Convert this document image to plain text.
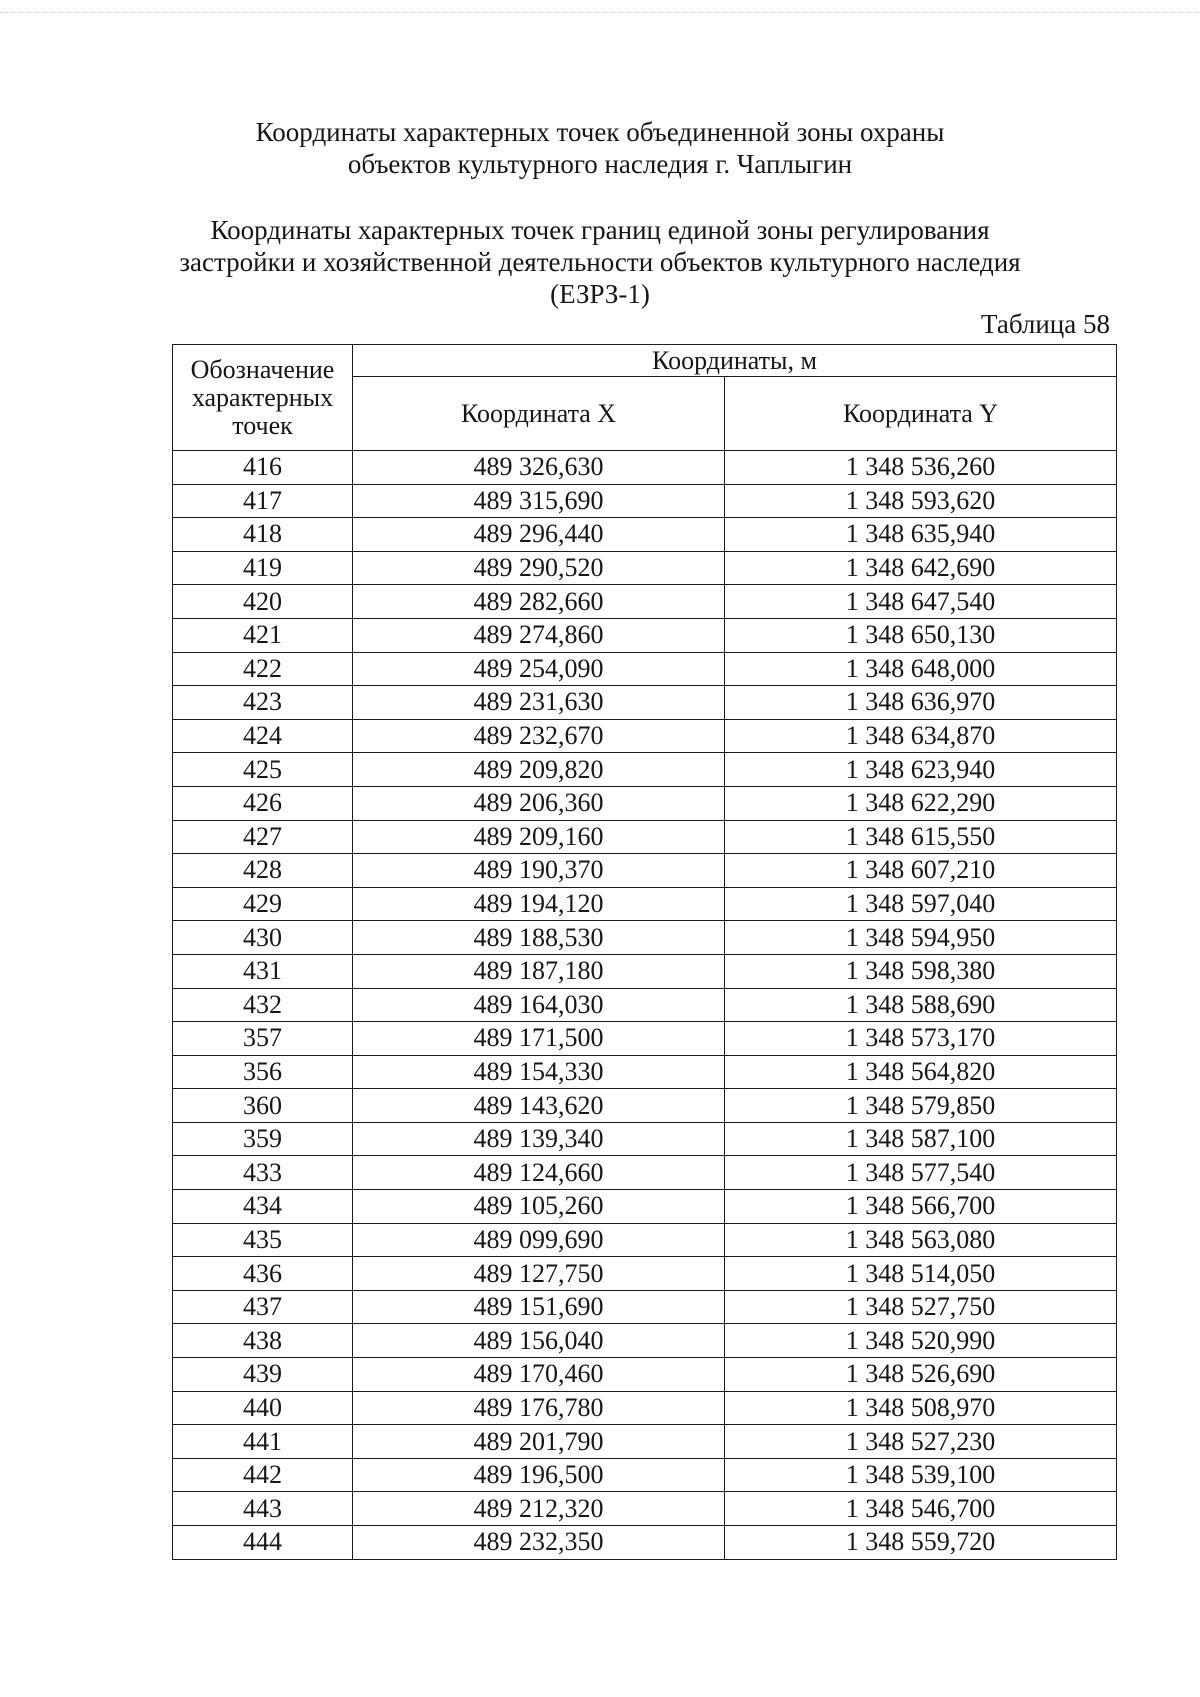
Координаты характерных точек объединенной зоны охраны
объектов культурного наследия г. Чаплыгин
Координаты характерных точек границ единой зоны регулирования
застройки и хозяйственной деятельности объектов культурного наследия
(ЕЗРЗ-1)
Таблица 58
Обозначение характерных точек	Координаты, м	
	Координата X	Координата Y
416	489 326,630	1 348 536,260
417	489 315,690	1 348 593,620
418	489 296,440	1 348 635,940
419	489 290,520	1 348 642,690
420	489 282,660	1 348 647,540
421	489 274,860	1 348 650,130
422	489 254,090	1 348 648,000
423	489 231,630	1 348 636,970
424	489 232,670	1 348 634,870
425	489 209,820	1 348 623,940
426	489 206,360	1 348 622,290
427	489 209,160	1 348 615,550
428	489 190,370	1 348 607,210
429	489 194,120	1 348 597,040
430	489 188,530	1 348 594,950
431	489 187,180	1 348 598,380
432	489 164,030	1 348 588,690
357	489 171,500	1 348 573,170
356	489 154,330	1 348 564,820
360	489 143,620	1 348 579,850
359	489 139,340	1 348 587,100
433	489 124,660	1 348 577,540
434	489 105,260	1 348 566,700
435	489 099,690	1 348 563,080
436	489 127,750	1 348 514,050
437	489 151,690	1 348 527,750
438	489 156,040	1 348 520,990
439	489 170,460	1 348 526,690
440	489 176,780	1 348 508,970
441	489 201,790	1 348 527,230
442	489 196,500	1 348 539,100
443	489 212,320	1 348 546,700
444	489 232,350	1 348 559,720
